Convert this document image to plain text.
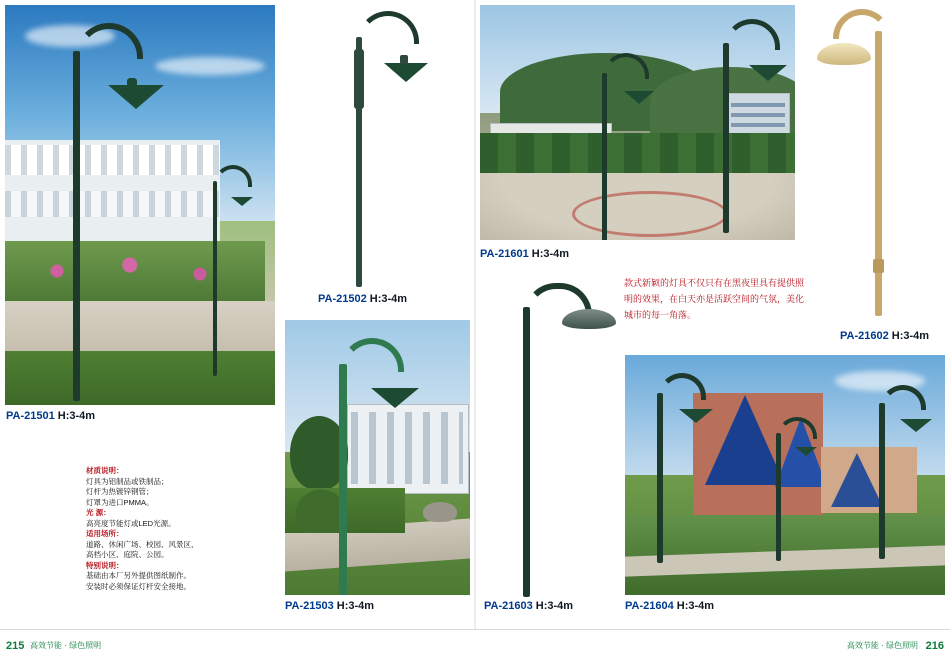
PA-21501 H:3-4m
PA-21502 H:3-4m
PA-21503 H:3-4m
PA-21601 H:3-4m
PA-21602 H:3-4m
PA-21603 H:3-4m	PA-21604 H:3-4m
材质说明：
灯具为铝制品或铁制品；
灯杆为热镀锌钢管；
灯罩为进口PMMA。
光 源：
高亮度节能灯或LED光源。
适用场所：
道路、休闲广场、校园、风景区、
高档小区、庭院、公园。
特别说明：
基础由本厂另外提供图纸制作。
安装时必须保证灯杆安全接地。
款式新颖的灯具不仅只有在黑夜里具有提供照明的效果，在白天亦是活跃空间的气氛，美化城市的每一角落。
215 高效节能 · 绿色照明	216
高效节能 · 绿色照明
